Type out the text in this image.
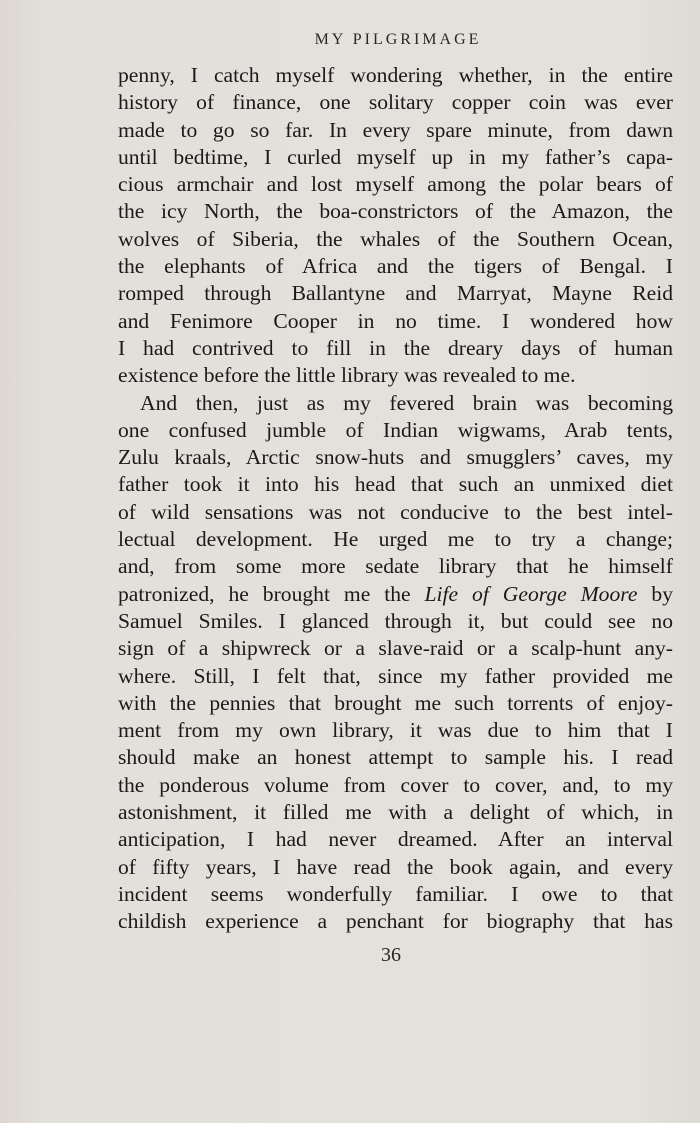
MY PILGRIMAGE
penny, I catch myself wondering whether, in the entire
history of finance, one solitary copper coin was ever
made to go so far. In every spare minute, from dawn
until bedtime, I curled myself up in my father’s capa-
cious armchair and lost myself among the polar bears of
the icy North, the boa-constrictors of the Amazon, the
wolves of Siberia, the whales of the Southern Ocean,
the elephants of Africa and the tigers of Bengal. I
romped through Ballantyne and Marryat, Mayne Reid
and Fenimore Cooper in no time. I wondered how
I had contrived to fill in the dreary days of human
existence before the little library was revealed to me.
And then, just as my fevered brain was becoming
one confused jumble of Indian wigwams, Arab tents,
Zulu kraals, Arctic snow-huts and smugglers’ caves, my
father took it into his head that such an unmixed diet
of wild sensations was not conducive to the best intel-
lectual development. He urged me to try a change;
and, from some more sedate library that he himself
patronized, he brought me the Life of George Moore by
Samuel Smiles. I glanced through it, but could see no
sign of a shipwreck or a slave-raid or a scalp-hunt any-
where. Still, I felt that, since my father provided me
with the pennies that brought me such torrents of enjoy-
ment from my own library, it was due to him that I
should make an honest attempt to sample his. I read
the ponderous volume from cover to cover, and, to my
astonishment, it filled me with a delight of which, in
anticipation, I had never dreamed. After an interval
of fifty years, I have read the book again, and every
incident seems wonderfully familiar. I owe to that
childish experience a penchant for biography that has
36
